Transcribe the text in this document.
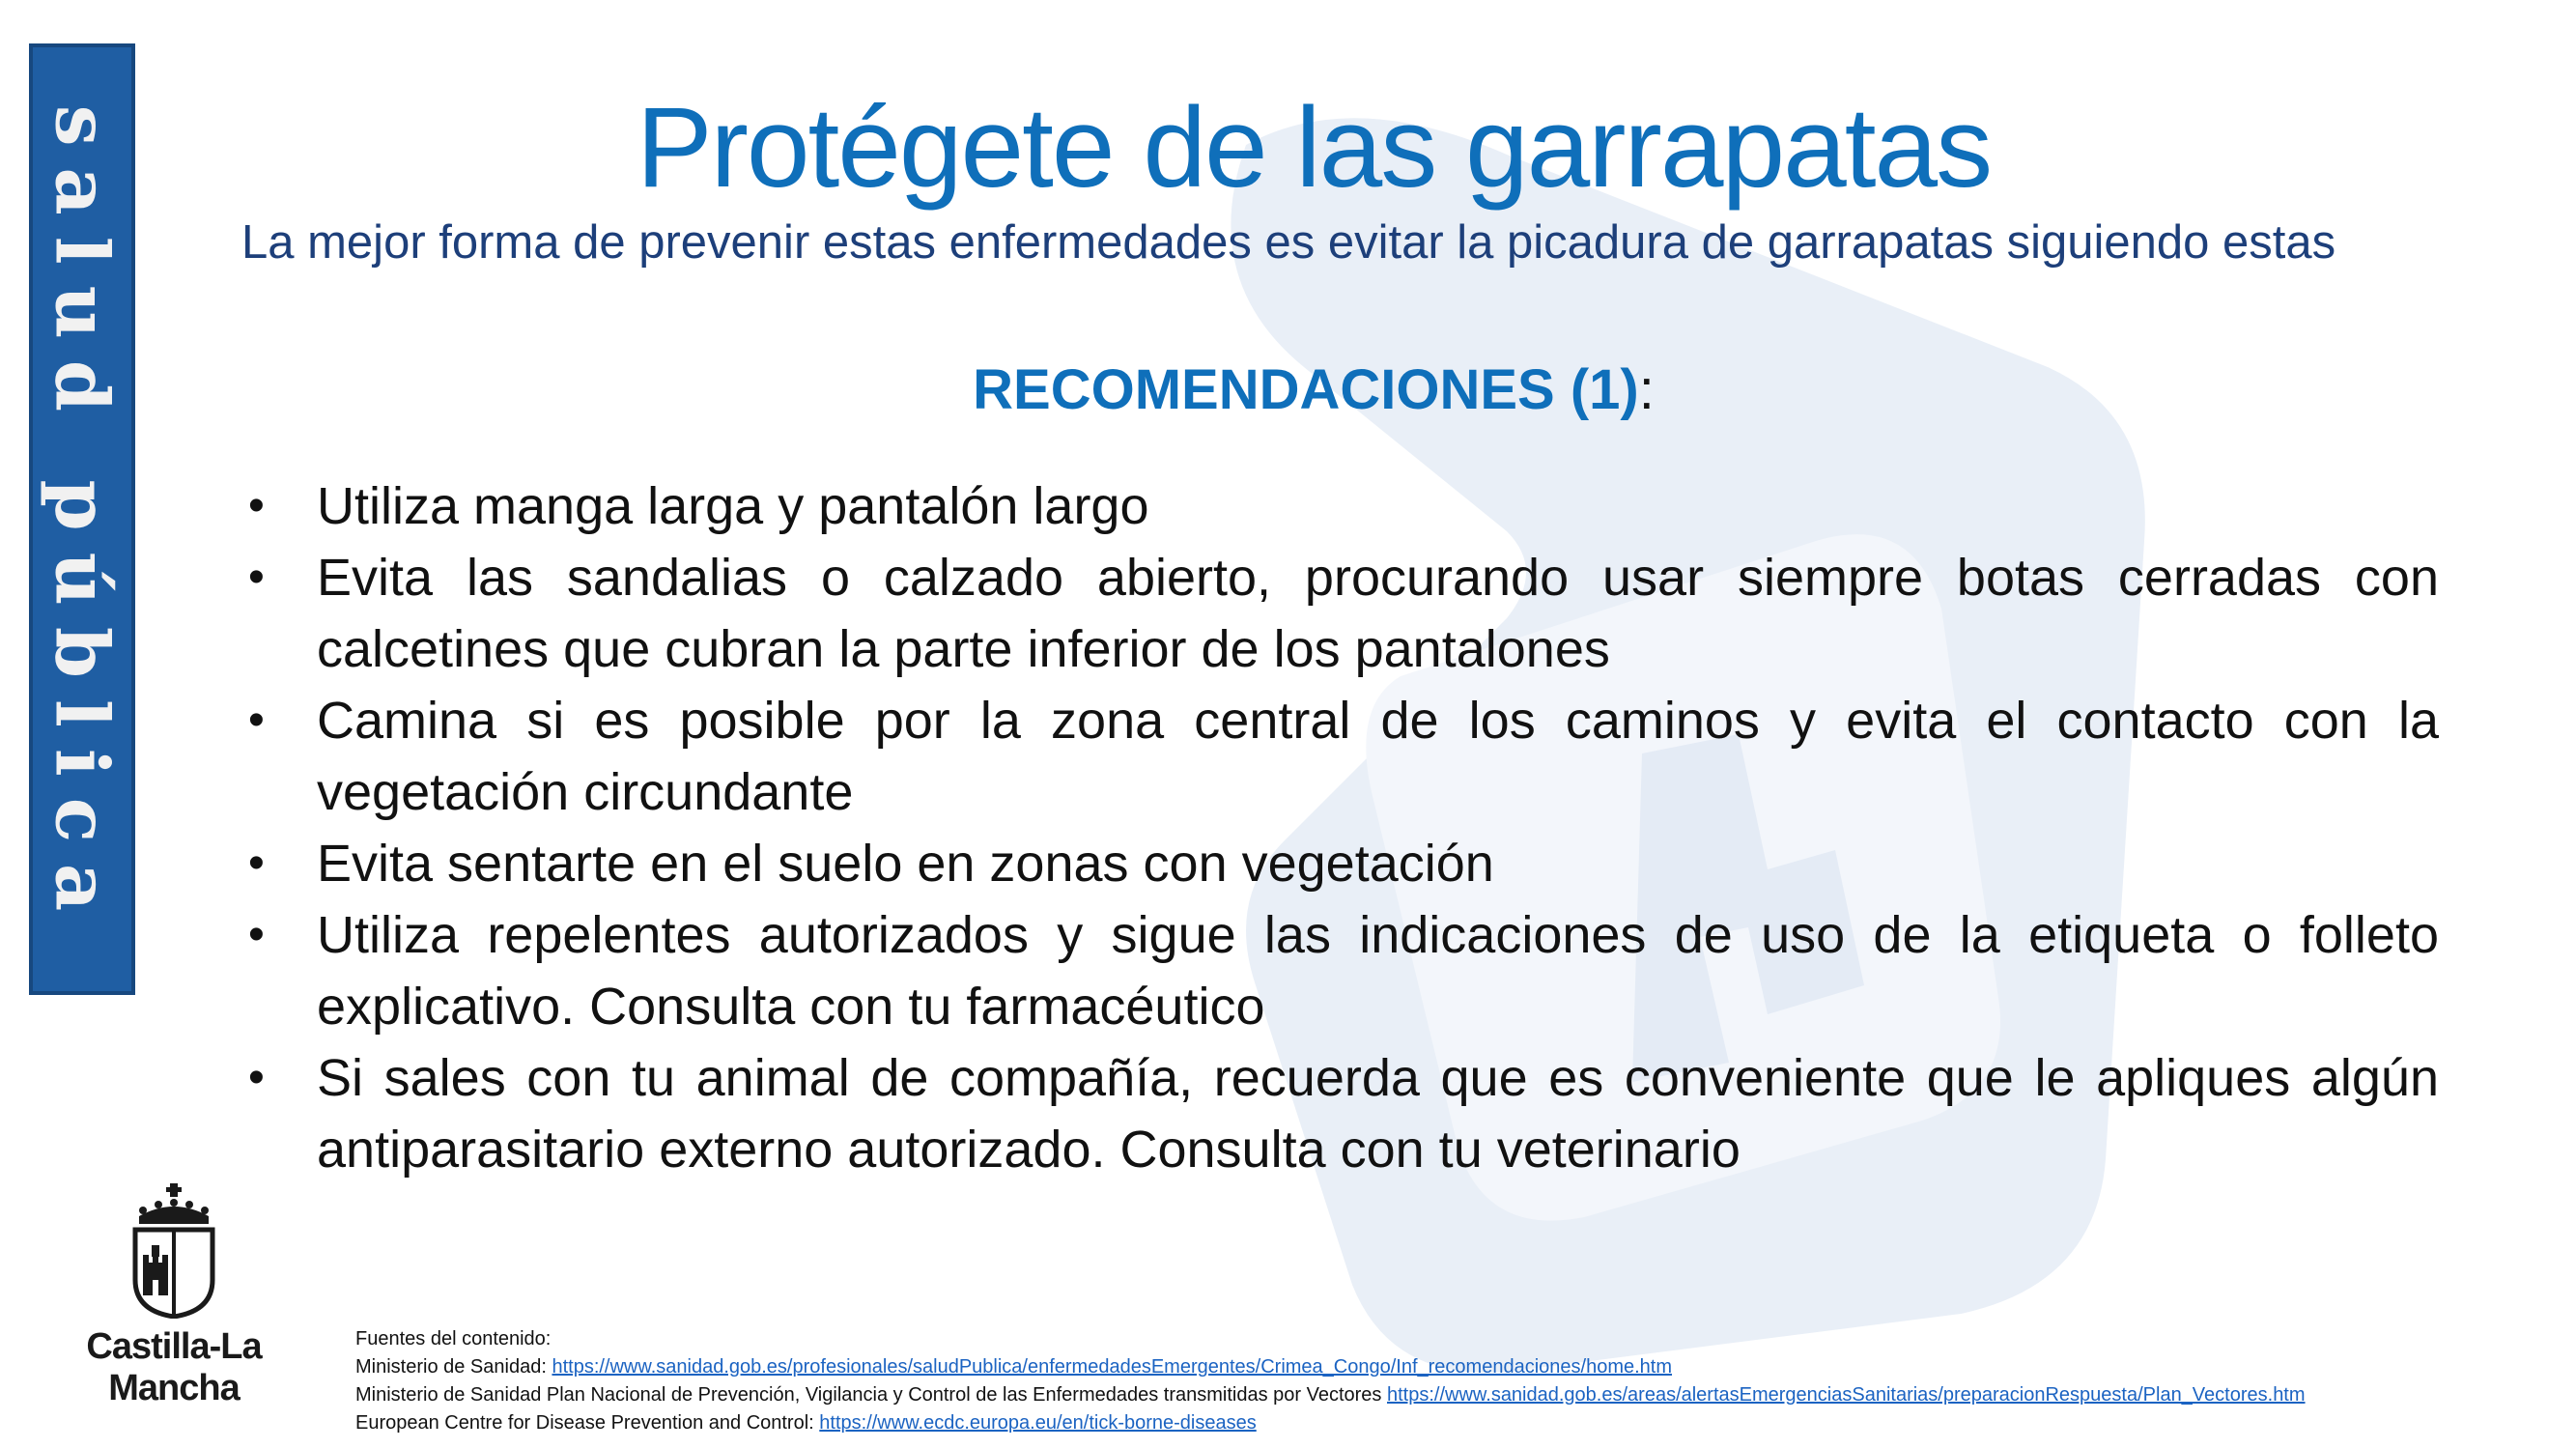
salud pública	Protégete de las garrapatas
La mejor forma de prevenir estas enfermedades es evitar la picadura de garrapatas siguiendo estas
RECOMENDACIONES (1):
• Utiliza manga larga y pantalón largo
• Evita las sandalias o calzado abierto, procurando usar siempre botas cerradas con calcetines que cubran la parte inferior de los pantalones
• Camina si es posible por la zona central de los caminos y evita el contacto con la vegetación circundante
• Evita sentarte en el suelo en zonas con vegetación
• Utiliza repelentes autorizados y sigue las indicaciones de uso de la etiqueta o folleto explicativo. Consulta con tu farmacéutico
• Si sales con tu animal de compañía, recuerda que es conveniente que le apliques algún antiparasitario externo autorizado. Consulta con tu veterinario
Castilla-La Mancha
Fuentes del contenido:
Ministerio de Sanidad: https://www.sanidad.gob.es/profesionales/saludPublica/enfermedadesEmergentes/Crimea_Congo/Inf_recomendaciones/home.htm
Ministerio de Sanidad Plan Nacional de Prevención, Vigilancia y Control de las Enfermedades transmitidas por Vectores https://www.sanidad.gob.es/areas/alertasEmergenciasSanitarias/preparacionRespuesta/Plan_Vectores.htm
European Centre for Disease Prevention and Control: https://www.ecdc.europa.eu/en/tick-borne-diseases
